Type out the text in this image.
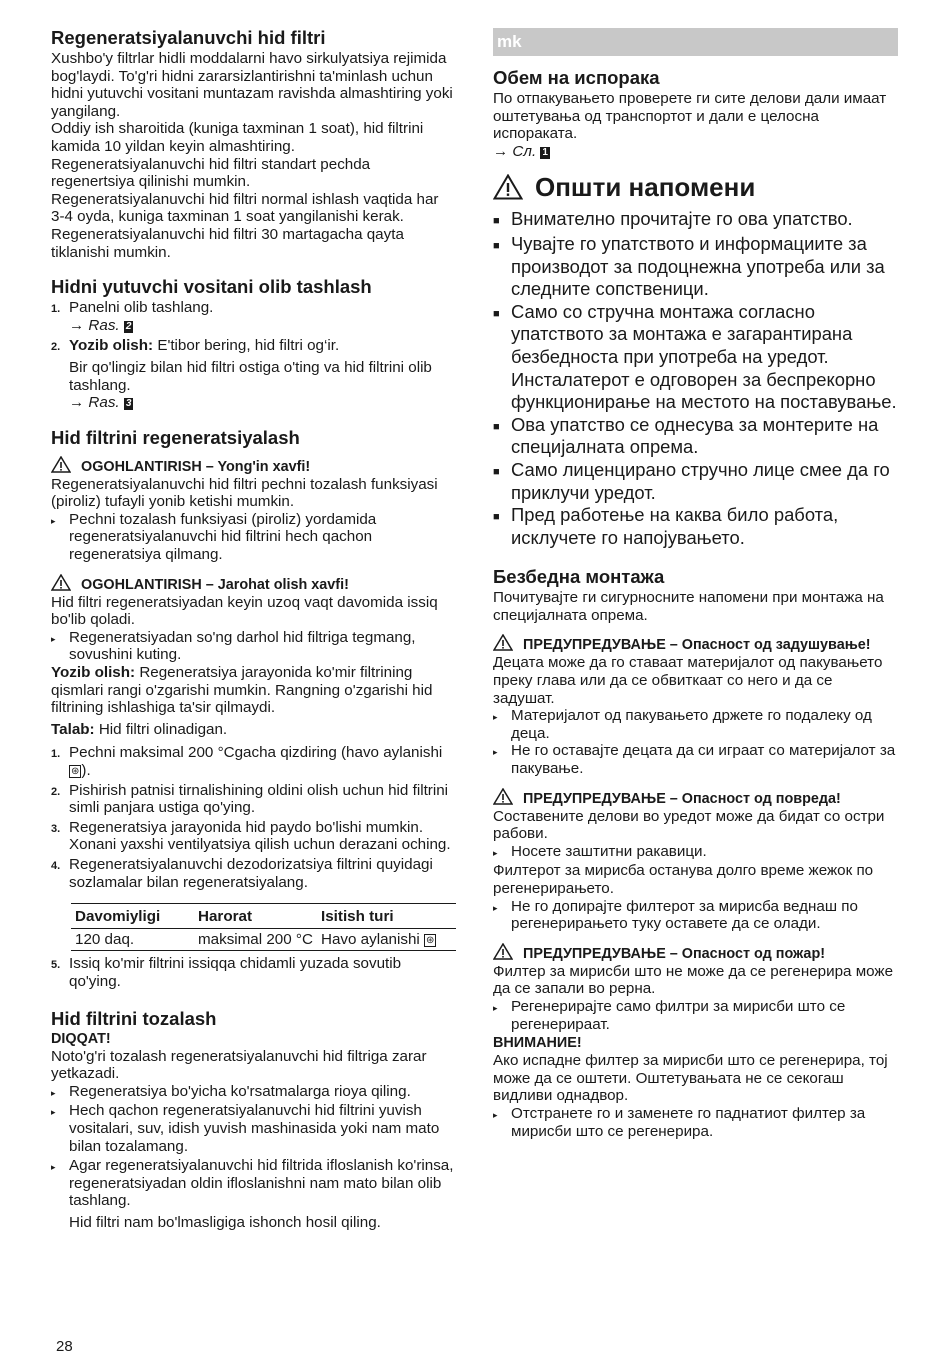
Regeneratsiyalanuvchi hid filtri

Xushbo'y filtrlar hidli moddalarni havo sirkulyatsiya rejimida bog'laydi. To'g'ri hidni zararsizlantirishni ta'minlash uchun hidni yutuvchi vositani muntazam ravishda almashtiring yoki yangilang.

Oddiy ish sharoitida (kuniga taxminan 1 soat), hid filtrini kamida 10 yildan keyin almashtiring.

Regeneratsiyalanuvchi hid filtri standart pechda regenertsiya qilinishi mumkin.

Regeneratsiyalanuvchi hid filtri normal ishlash vaqtida har 3-4 oyda, kuniga taxminan 1 soat yangilanishi kerak. Regeneratsiyalanuvchi hid filtri 30 martagacha qayta tiklanishi mumkin.

Hidni yutuvchi vositani olib tashlash
1. Panelni olib tashlang.
→ Ras. 2
2. Yozib olish: E'tibor bering, hid filtri og‘ir.
Bir qo'lingiz bilan hid filtri ostiga o'ting va hid filtrini olib tashlang.
→ Ras. 3
Hid filtrini regeneratsiyalash
OGOHLANTIRISH – Yong'in xavfi!

Regeneratsiyalanuvchi hid filtri pechni tozalash funksiyasi (piroliz) tufayli yonib ketishi mumkin.

▸ Pechni tozalash funksiyasi (piroliz) yordamida regeneratsiyalanuvchi hid filtrini hech qachon regeneratsiya qilmang.
OGOHLANTIRISH – Jarohat olish xavfi!

Hid filtri regeneratsiyadan keyin uzoq vaqt davomida issiq bo'lib qoladi.

▸ Regeneratsiyadan so'ng darhol hid filtriga tegmang, sovushini kuting.

Yozib olish: Regeneratsiya jarayonida ko'mir filtrining qismlari rangi o'zgarishi mumkin. Rangning o'zgarishi hid filtrining ishlashiga ta'sir qilmaydi.

Talab: Hid filtri olinadigan.

1. Pechni maksimal 200 °Cgacha qizdiring (havo aylanishi ⊛ ).
2. Pishirish patnisi tirnalishining oldini olish uchun hid filtrini simli panjara ustiga qo'ying.
3. Regeneratsiya jarayonida hid paydo bo'lishi mumkin. Xonani yaxshi ventilyatsiya qilish uchun derazani oching.
4. Regeneratsiyalanuvchi dezodorizatsiya filtrini quyidagi sozlamalar bilan regeneratsiyalang.
Davomiyligi	Harorat	Isitish turi
120 daq.	maksimal 200 °C	Havo aylanishi ⊛
5. Issiq ko'mir filtrini issiqqa chidamli yuzada sovutib qo'ying.
Hid filtrini tozalash
DIQQAT!

Noto'g'ri tozalash regeneratsiyalanuvchi hid filtriga zarar yetkazadi.

▸ Regeneratsiya bo'yicha ko'rsatmalarga rioya qiling.
▸ Hech qachon regeneratsiyalanuvchi hid filtrini yuvish vositalari, suv, idish yuvish mashinasida yoki nam mato bilan tozalamang.
▸ Agar regeneratsiyalanuvchi hid filtrida ifloslanish ko'rinsa, regeneratsiyadan oldin ifloslanishni nam mato bilan olib tashlang.

Hid filtri nam bo'lmasligiga ishonch hosil qiling.

mk
Обем на испорака

По отпакувањето проверете ги сите делови дали имаат оштетувања од транспортот и дали е целосна испораката.

→ Сл. 1

Општи напомени
■ Внимателно прочитајте го ова упатство.
■ Чувајте го упатството и информациите за производот за подоцнежна употреба или за следните сопственици.
■ Само со стручна монтажа согласно упатството за монтажа е загарантирана безбедноста при употреба на уредот. Инсталатерот е одговорен за беспрекорно функционирање на местото на поставување.
■ Ова упатство се однесува за монтерите на специјалната опрема.
■ Само лиценцирано стручно лице смее да го приклучи уредот.
■ Пред работење на каква било работа, исклучете го напојувањето.
Безбедна монтажа

Почитувајте ги сигурносните напомени при монтажа на специјалната опрема.

ПРЕДУПРЕДУВАЊЕ – Опасност од задушување!

Децата може да го ставаат материјалот од пакувањето преку глава или да се обвиткаат со него и да се задушат.

▸ Материјалот од пакувањето држете го подалеку од деца.
▸ Не го оставајте децата да си играат со материјалот за пакување.
ПРЕДУПРЕДУВАЊЕ – Опасност од повреда!

Составените делови во уредот може да бидат со остри рабови.

▸ Носете заштитни ракавици.

Филтерот за мирисба останува долго време жежок по регенерирањето.

▸ Не го допирајте филтерот за мирисба веднаш по регенерирањето туку оставете да се олади.
ПРЕДУПРЕДУВАЊЕ – Опасност од пожар!

Филтер за мирисби што не може да се регенерира може да се запали во рерна.

▸ Регенерирајте само филтри за мирисби што се регенерираат.
ВНИМАНИЕ!

Ако испадне филтер за мирисби што се регенерира, тој може да се оштети. Оштетувањата не се секогаш видливи однадвор.

▸ Отстранете го и заменете го паднатиот филтер за мирисби што се регенерира.
28
